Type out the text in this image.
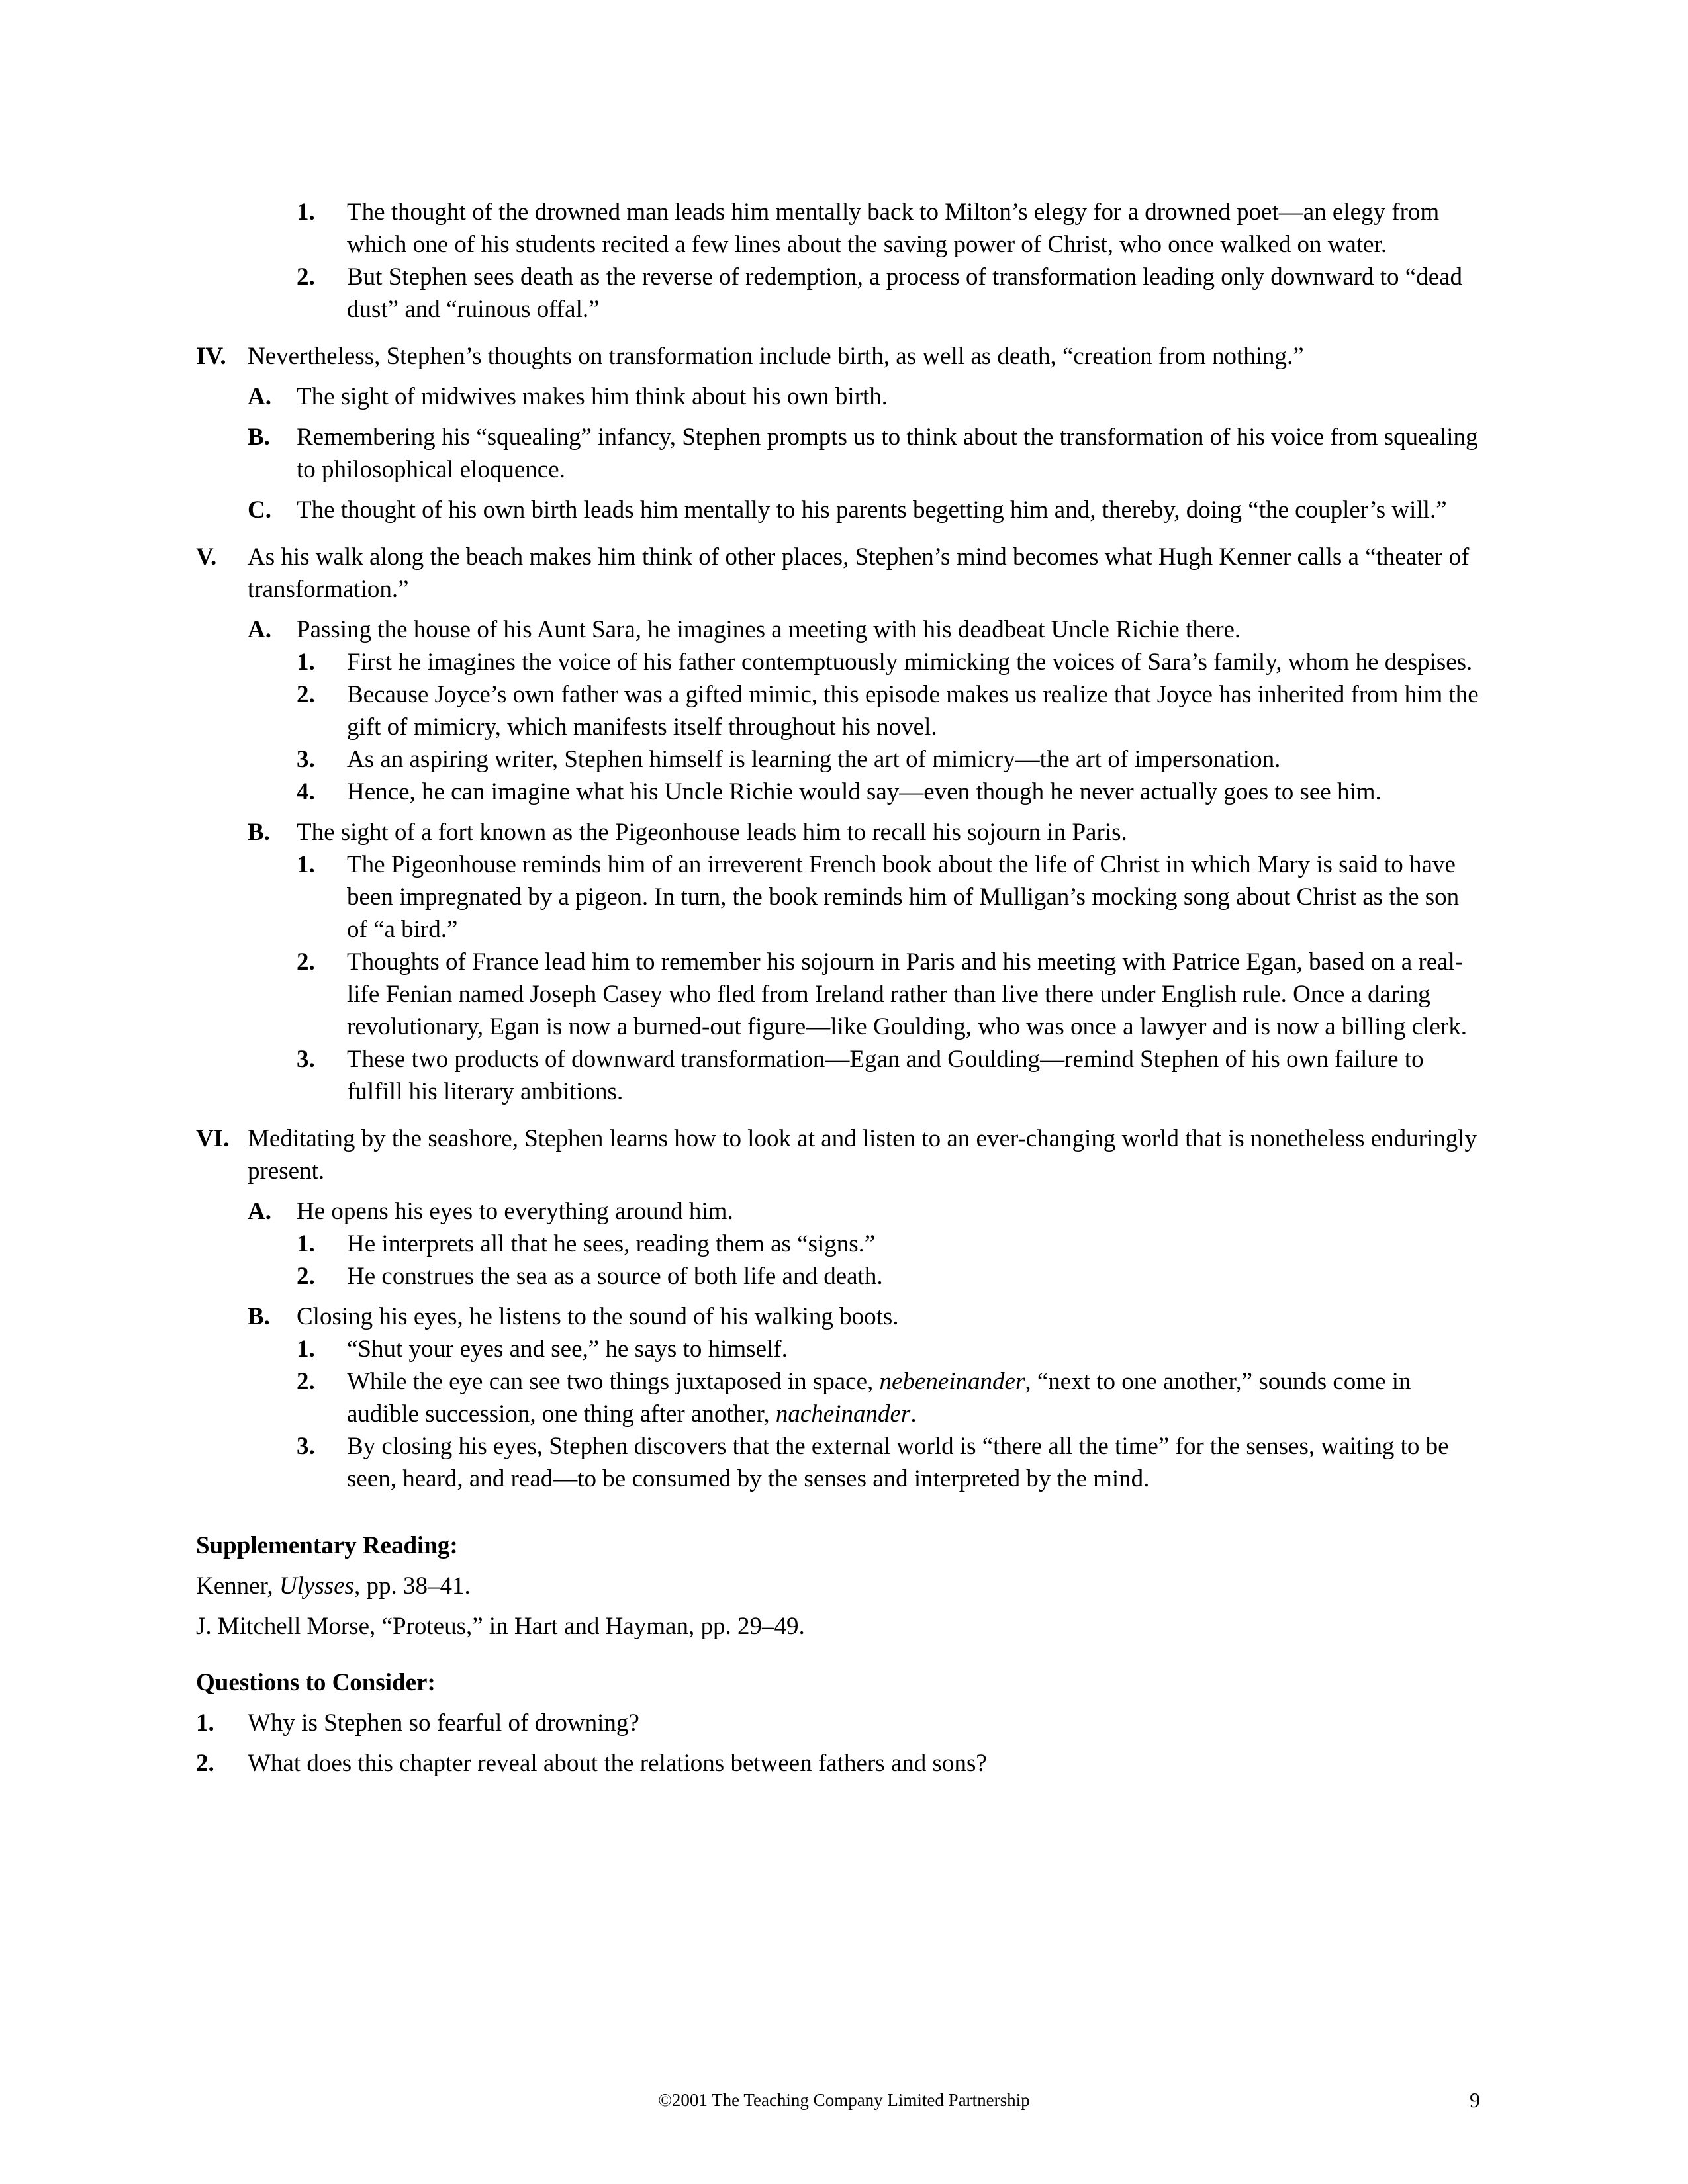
1. The thought of the drowned man leads him mentally back to Milton’s elegy for a drowned poet—an elegy from which one of his students recited a few lines about the saving power of Christ, who once walked on water.
2. But Stephen sees death as the reverse of redemption, a process of transformation leading only downward to “dead dust” and “ruinous offal.”
IV. Nevertheless, Stephen’s thoughts on transformation include birth, as well as death, “creation from nothing.”
A. The sight of midwives makes him think about his own birth.
B. Remembering his “squealing” infancy, Stephen prompts us to think about the transformation of his voice from squealing to philosophical eloquence.
C. The thought of his own birth leads him mentally to his parents begetting him and, thereby, doing “the coupler’s will.”
V. As his walk along the beach makes him think of other places, Stephen’s mind becomes what Hugh Kenner calls a “theater of transformation.”
A. Passing the house of his Aunt Sara, he imagines a meeting with his deadbeat Uncle Richie there.
1. First he imagines the voice of his father contemptuously mimicking the voices of Sara’s family, whom he despises.
2. Because Joyce’s own father was a gifted mimic, this episode makes us realize that Joyce has inherited from him the gift of mimicry, which manifests itself throughout his novel.
3. As an aspiring writer, Stephen himself is learning the art of mimicry—the art of impersonation.
4. Hence, he can imagine what his Uncle Richie would say—even though he never actually goes to see him.
B. The sight of a fort known as the Pigeonhouse leads him to recall his sojourn in Paris.
1. The Pigeonhouse reminds him of an irreverent French book about the life of Christ in which Mary is said to have been impregnated by a pigeon. In turn, the book reminds him of Mulligan’s mocking song about Christ as the son of “a bird.”
2. Thoughts of France lead him to remember his sojourn in Paris and his meeting with Patrice Egan, based on a real-life Fenian named Joseph Casey who fled from Ireland rather than live there under English rule. Once a daring revolutionary, Egan is now a burned-out figure—like Goulding, who was once a lawyer and is now a billing clerk.
3. These two products of downward transformation—Egan and Goulding—remind Stephen of his own failure to fulfill his literary ambitions.
VI. Meditating by the seashore, Stephen learns how to look at and listen to an ever-changing world that is nonetheless enduringly present.
A. He opens his eyes to everything around him.
1. He interprets all that he sees, reading them as “signs.”
2. He construes the sea as a source of both life and death.
B. Closing his eyes, he listens to the sound of his walking boots.
1. “Shut your eyes and see,” he says to himself.
2. While the eye can see two things juxtaposed in space, nebeneinander, “next to one another,” sounds come in audible succession, one thing after another, nacheinander.
3. By closing his eyes, Stephen discovers that the external world is “there all the time” for the senses, waiting to be seen, heard, and read—to be consumed by the senses and interpreted by the mind.
Supplementary Reading:
Kenner, Ulysses, pp. 38–41.
J. Mitchell Morse, “Proteus,” in Hart and Hayman, pp. 29–49.
Questions to Consider:
1. Why is Stephen so fearful of drowning?
2. What does this chapter reveal about the relations between fathers and sons?
©2001 The Teaching Company Limited Partnership	9
